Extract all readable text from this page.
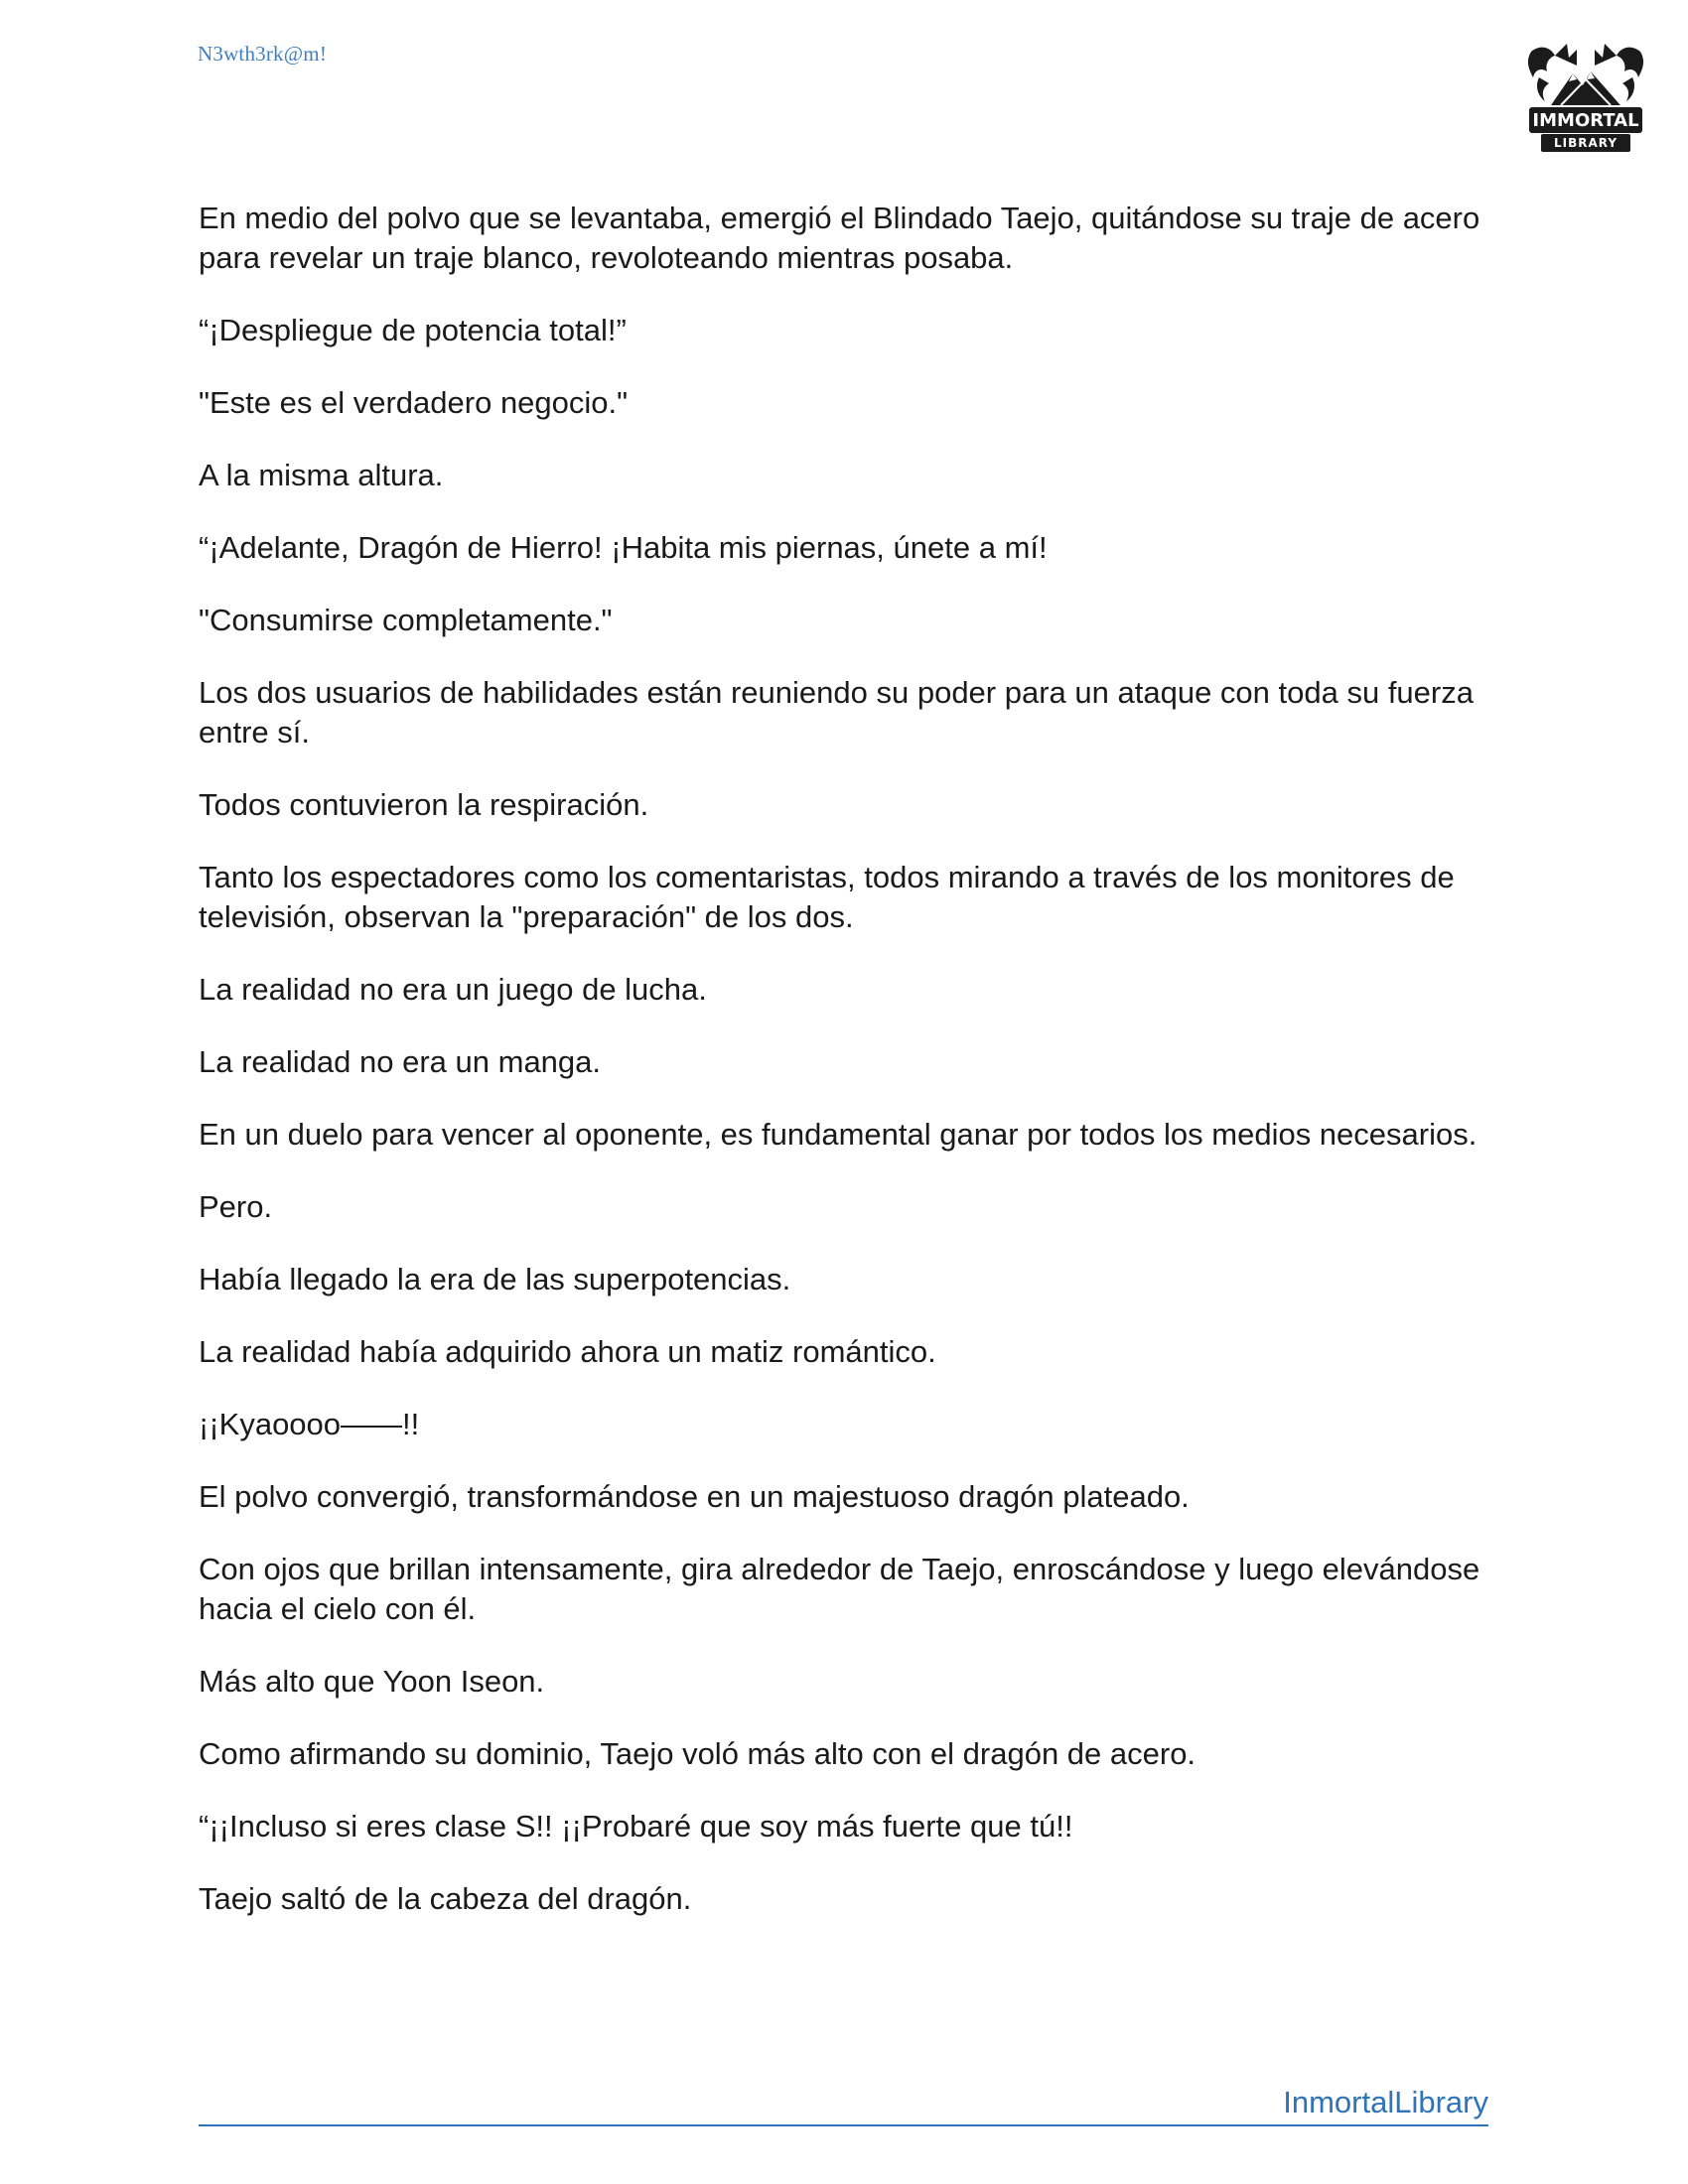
N3wth3rk@m!
IMMORTAL
LIBRARY

En medio del polvo que se levantaba, emergió el Blindado Taejo, quitándose su traje de acero para revelar un traje blanco, revoloteando mientras posaba.

“¡Despliegue de potencia total!”

"Este es el verdadero negocio."

A la misma altura.

“¡Adelante, Dragón de Hierro! ¡Habita mis piernas, únete a mí!

"Consumirse completamente."

Los dos usuarios de habilidades están reuniendo su poder para un ataque con toda su fuerza entre sí.

Todos contuvieron la respiración.

Tanto los espectadores como los comentaristas, todos mirando a través de los monitores de televisión, observan la "preparación" de los dos.

La realidad no era un juego de lucha.

La realidad no era un manga.

En un duelo para vencer al oponente, es fundamental ganar por todos los medios necesarios.

Pero.

Había llegado la era de las superpotencias.

La realidad había adquirido ahora un matiz romántico.

¡¡Kyaoooo——!!

El polvo convergió, transformándose en un majestuoso dragón plateado.

Con ojos que brillan intensamente, gira alrededor de Taejo, enroscándose y luego elevándose hacia el cielo con él.

Más alto que Yoon Iseon.

Como afirmando su dominio, Taejo voló más alto con el dragón de acero.

“¡¡Incluso si eres clase S!! ¡¡Probaré que soy más fuerte que tú!!

Taejo saltó de la cabeza del dragón.

InmortalLibrary
